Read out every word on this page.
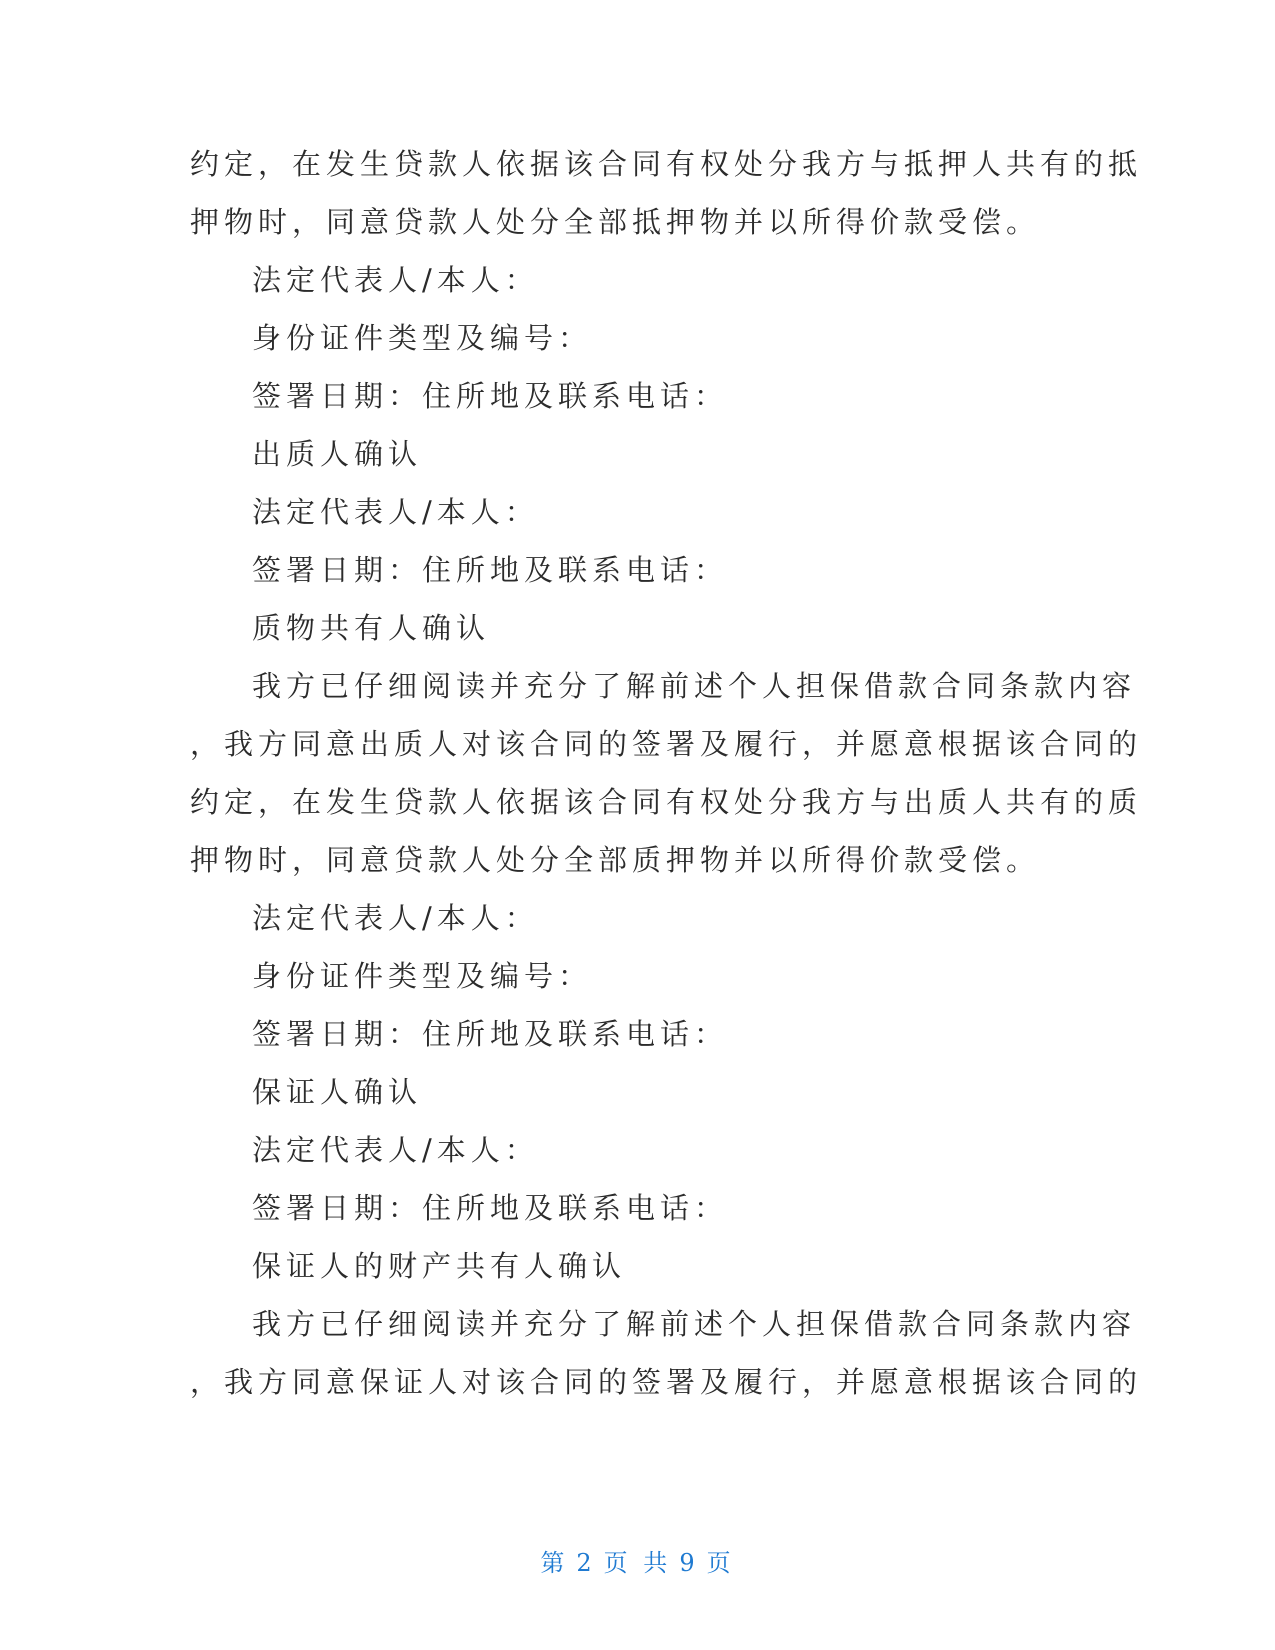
约定，在发生贷款人依据该合同有权处分我方与抵押人共有的抵
押物时，同意贷款人处分全部抵押物并以所得价款受偿。
法定代表人/本人：
身份证件类型及编号：
签署日期：住所地及联系电话：
出质人确认
法定代表人/本人：
签署日期：住所地及联系电话：
质物共有人确认
我方已仔细阅读并充分了解前述个人担保借款合同条款内容
，我方同意出质人对该合同的签署及履行，并愿意根据该合同的
约定，在发生贷款人依据该合同有权处分我方与出质人共有的质
押物时，同意贷款人处分全部质押物并以所得价款受偿。
法定代表人/本人：
身份证件类型及编号：
签署日期：住所地及联系电话：
保证人确认
法定代表人/本人：
签署日期：住所地及联系电话：
保证人的财产共有人确认
我方已仔细阅读并充分了解前述个人担保借款合同条款内容
，我方同意保证人对该合同的签署及履行，并愿意根据该合同的
第 2 页 共 9 页
